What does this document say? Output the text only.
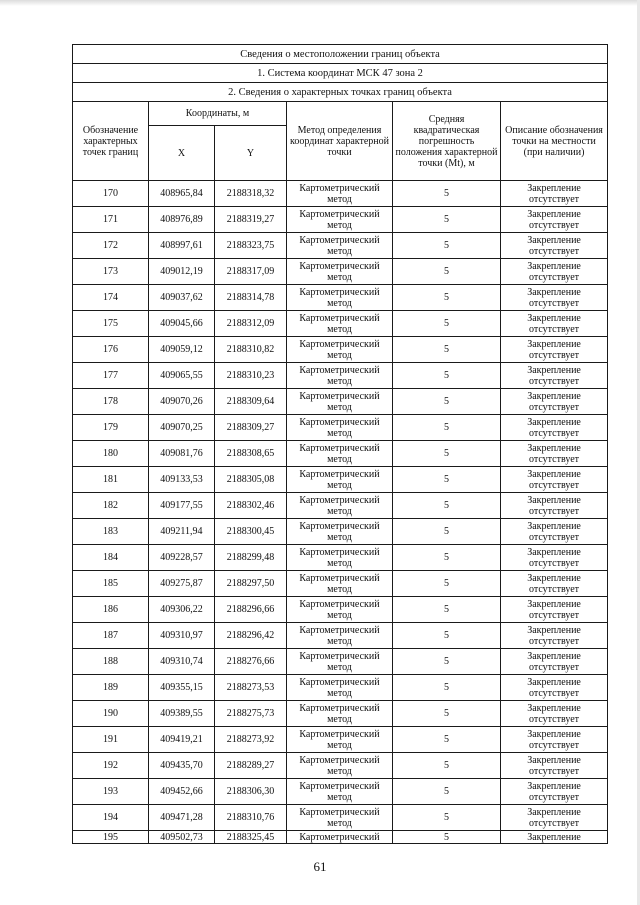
Сведения о местоположении границ объекта					
1. Система координат МСК 47 зона 2					
2. Сведения о характерных точках границ объекта					
Обозначение характерных точек границ	Координаты, м		Метод определения координат характерной точки	Средняя квадратическая погрешность положения характерной точки (Mt), м	Описание обозначения точки на местности (при наличии)
	X	Y			
170	408965,84	2188318,32	Картометрический метод	5	Закрепление отсутствует
171	408976,89	2188319,27	Картометрический метод	5	Закрепление отсутствует
172	408997,61	2188323,75	Картометрический метод	5	Закрепление отсутствует
173	409012,19	2188317,09	Картометрический метод	5	Закрепление отсутствует
174	409037,62	2188314,78	Картометрический метод	5	Закрепление отсутствует
175	409045,66	2188312,09	Картометрический метод	5	Закрепление отсутствует
176	409059,12	2188310,82	Картометрический метод	5	Закрепление отсутствует
177	409065,55	2188310,23	Картометрический метод	5	Закрепление отсутствует
178	409070,26	2188309,64	Картометрический метод	5	Закрепление отсутствует
179	409070,25	2188309,27	Картометрический метод	5	Закрепление отсутствует
180	409081,76	2188308,65	Картометрический метод	5	Закрепление отсутствует
181	409133,53	2188305,08	Картометрический метод	5	Закрепление отсутствует
182	409177,55	2188302,46	Картометрический метод	5	Закрепление отсутствует
183	409211,94	2188300,45	Картометрический метод	5	Закрепление отсутствует
184	409228,57	2188299,48	Картометрический метод	5	Закрепление отсутствует
185	409275,87	2188297,50	Картометрический метод	5	Закрепление отсутствует
186	409306,22	2188296,66	Картометрический метод	5	Закрепление отсутствует
187	409310,97	2188296,42	Картометрический метод	5	Закрепление отсутствует
188	409310,74	2188276,66	Картометрический метод	5	Закрепление отсутствует
189	409355,15	2188273,53	Картометрический метод	5	Закрепление отсутствует
190	409389,55	2188275,73	Картометрический метод	5	Закрепление отсутствует
191	409419,21	2188273,92	Картометрический метод	5	Закрепление отсутствует
192	409435,70	2188289,27	Картометрический метод	5	Закрепление отсутствует
193	409452,66	2188306,30	Картометрический метод	5	Закрепление отсутствует
194	409471,28	2188310,76	Картометрический метод	5	Закрепление отсутствует
195	409502,73	2188325,45	Картометрический	5	Закрепление
61
